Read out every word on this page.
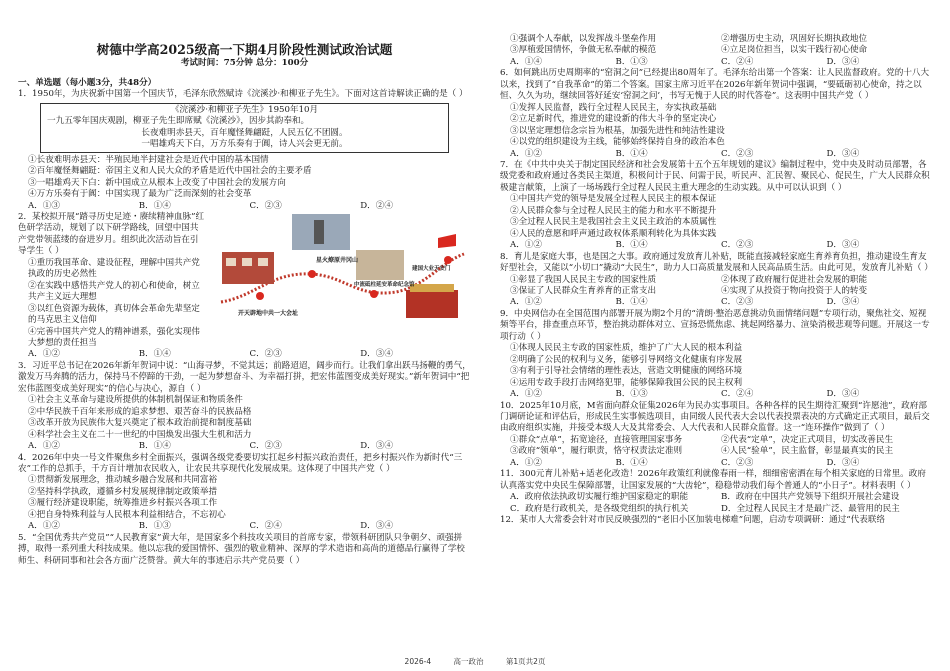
树德中学高2025级高一下期4月阶段性测试政治试题
考试时间：75分钟 总分：100分
一、单选题（每小题3分，共48分）
1．1950年，为庆祝新中国第一个国庆节，毛泽东欣然赋诗《浣溪沙·和柳亚子先生》。下面对这首诗解读正确的是（ ）
《浣溪沙·和柳亚子先生》1950年10月
一九五零年国庆观剧，柳亚子先生即席赋《浣溪沙》，因步其韵奉和。
长夜难明赤县天，百年魔怪舞翩跹，人民五亿不团圆。
一唱雄鸡天下白，万方乐奏有于阗，诗人兴会更无前。
①长夜难明赤县天：半殖民地半封建社会是近代中国的基本国情
②百年魔怪舞翩跹：帝国主义和人民大众的矛盾是近代中国社会的主要矛盾
③一唱雄鸡天下白：新中国成立从根本上改变了中国社会的发展方向
④万方乐奏有于阗：中国实现了最为广泛而深刻的社会变革
A．①③	B．①④	C．②③	D．②④
2．某校拟开展“踏寻历史足迹・赓续精神血脉”红色研学活动，规划了以下研学路线，回望中国共产党带领蓝缕的奋进岁月。组织此次活动旨在引导学生（ ）
①重历我国革命、建设征程，理解中国共产党执政的历史必然性
②在实践中感悟共产党人的初心和使命，树立共产主义远大理想
③以红色资源为载体，真切体会革命先辈坚定的马克思主义信仰
④完善中国共产党人的精神谱系，强化实现伟大梦想的责任担当
星火燎原井冈山
中流砥柱延安革命纪念馆
开天辟地中共一大会址
建国大业天安门
A．①②	B．①④	C．②③	D．③④
3．习近平总书记在2026年新年贺词中说：“山海寻梦，不觉其远；前路迢迢，阔步而行。让我们拿出跃马扬鞭的勇气，激发万马奔腾的活力，保持马不停蹄的干劲，一起为梦想奋斗、为幸福打拼，把宏伟蓝图变成美好现实。”新年贺词中“把宏伟蓝图变成美好现实”的信心与决心，源自（ ）
①社会主义革命与建设所提供的体制机制保证和物质条件
②中华民族千百年来形成的追求梦想、艰苦奋斗的民族品格
③改革开放为民族伟大复兴奠定了根本政治前提和制度基础
④科学社会主义在二十一世纪的中国焕发出强大生机和活力
A．①②	B．①④	C．②③	D．③④
4．2026年中央一号文件聚焦乡村全面振兴，强调各级党委要切实扛起乡村振兴政治责任，把乡村振兴作为新时代“三农”工作的总抓手，千方百计增加农民收入，让农民共享现代化发展成果。这体现了中国共产党（ ）
①贯彻新发展理念，推动城乡融合发展和共同富裕
②坚持科学执政，遵循乡村发展规律制定政策举措
③履行经济建设职能，统筹推进乡村振兴各项工作
④把自身特殊利益与人民根本利益相结合，不忘初心
A．①②	B．①③	C．②④	D．③④
5．“全国优秀共产党员”“人民教育家”黄大年，是国家多个科技攻关项目的首席专家，带领科研团队只争朝夕、顽强拼搏，取得一系列重大科技成果。他以忘我的爱国情怀、强烈的敬业精神、深厚的学术造诣和高尚的道德品行赢得了学校师生、科研同事和社会各方面广泛赞誉。黄大年的事迹启示共产党员要（ ）
①强调个人奉献，以发挥战斗堡垒作用	②增强历史主动，巩固好长期执政地位
③厚植爱国情怀，争做无私奉献的模范	④立足岗位担当，以实干践行初心使命
A．①④	B．①③	C．②④	D．③④
6．如何跳出历史周期率的“窑洞之问”已经提出80周年了。毛泽东给出第一个答案：让人民监督政府。党的十八大以来，找到了“自我革命”的第二个答案。国家主席习近平在2026年新年贺词中强调，“要砥砺初心使命，持之以恒、久久为功，继续回答好延安‘窑洞之问’，书写无愧于人民的时代答卷”。这表明中国共产党（ ）
①发挥人民监督，践行全过程人民民主，夯实执政基础
②立足新时代，推进党的建设新的伟大斗争的坚定决心
③以坚定理想信念宗旨为根基，加强先进性和纯洁性建设
④以党的组织建设为主线，能够始终保持自身的政治本色
A．①②	B．①④	C．②③	D．③④
7．在《中共中央关于制定国民经济和社会发展第十五个五年规划的建议》编制过程中，党中央及时动员部署，各级党委和政府通过各类民主渠道，积极问计于民、问需于民，听民声、汇民智、聚民心、促民生，广大人民群众积极建言献策，上演了一场场践行全过程人民民主重大理念的生动实践。从中可以认识到（ ）
①中国共产党的领导是发展全过程人民民主的根本保证
②人民群众参与全过程人民民主的能力和水平不断提升
③全过程人民民主是我国社会主义民主政治的本质属性
④人民的意愿和呼声通过政权体系顺利转化为具体实践
A．①②	B．①④	C．②③	D．③④
8．育儿是家庭大事，也是国之大事。政府通过发放育儿补贴，既能直接减轻家庭生育养育负担，推动建设生育友好型社会，又能以“小切口”撬动“大民生”，助力人口高质量发展和人民高品质生活。由此可见，发放育儿补贴（ ）
①彰显了我国人民民主专政的国家性质	②体现了政府履行促进社会发展的职能
③保证了人民群众生育养育的正常支出	④实现了从投资于物向投资于人的转变
A．①②	B．①④	C．②③	D．③④
9．中央网信办在全国范围内部署开展为期2个月的“清朗·整治恶意挑动负面情绪问题”专项行动，聚焦社交、短视频等平台，排查重点环节，整治挑动群体对立、宣扬恐慌焦虑、挑起网络暴力、渲染消极悲观等问题。开展这一专项行动（ ）
①体现人民民主专政的国家性质，维护了广大人民的根本利益
②明确了公民的权利与义务，能够引导网络文化健康有序发展
③有利于引导社会情绪的理性表达，营造文明健康的网络环境
④运用专政手段打击网络犯罪，能够保障我国公民的民主权利
A．①②	B．①③	C．②④	D．③④
10．2025年10月底，M省面向群众征集2026年为民办实事项目。各种各样的民生期待汇聚到“许愿池”，政府部门调研论证和评估后，形成民生实事候选项目，由同级人民代表大会以代表投票表决的方式确定正式项目，最后交由政府组织实施，并接受本级人大及其常委会、人大代表和人民群众监督。这一“连环操作”做到了（ ）
①群众“点单”，拓宽途径，直接管理国家事务	②代表“定单”，决定正式项目，切实改善民生
③政府“领单”，履行职责，恪守权责法定准则	④人民“验单”，民主监督，彰显最真实的民主
A．①②	B．①④	C．②③	D．③④
11．300元育儿补贴+适老化改造！2026年政策红利就像春雨一样，细细密密洒在每个相关家庭的日常里。政府认真落实党中央民生保障部署，让国家发展的“大齿轮”，稳稳带动我们每个普通人的“小日子”。材料表明（ ）
A．政府依法执政切实履行维护国家稳定的职能	B．政府在中国共产党领导下组织开展社会建设
C．政府是行政机关，是各级党组织的执行机关	D．全过程人民民主才是最广泛、最管用的民主
12．某市人大常委会针对市民反映强烈的“老旧小区加装电梯难”问题，启动专项调研：通过“代表联络
2026-4	高一政治	第1页共2页
